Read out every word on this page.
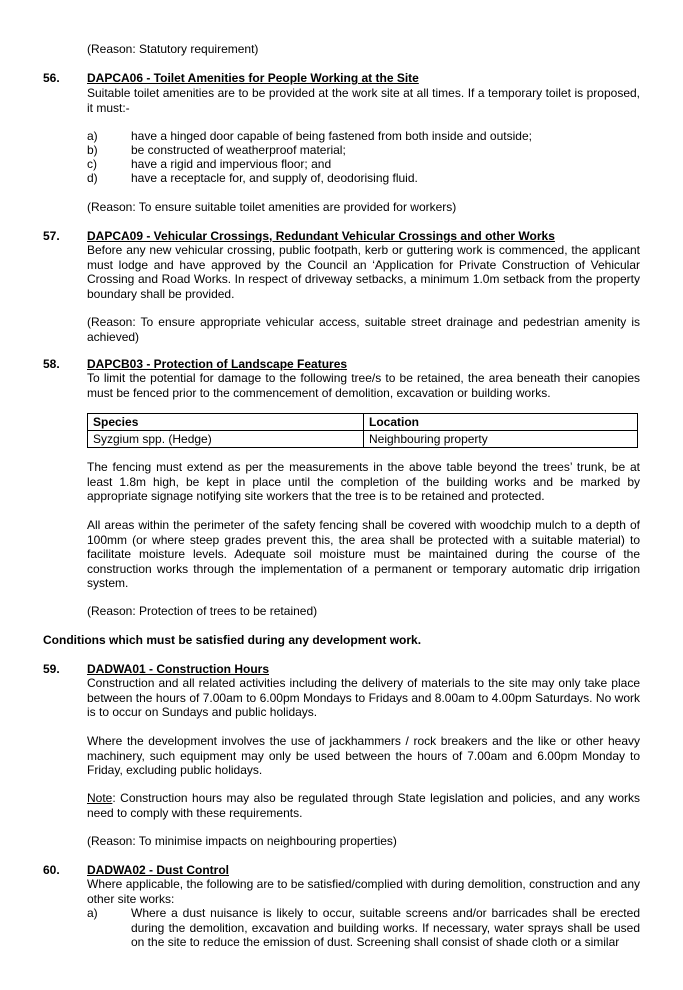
(Reason: Statutory requirement)
56. DAPCA06 - Toilet Amenities for People Working at the Site

Suitable toilet amenities are to be provided at the work site at all times. If a temporary toilet is proposed, it must:-

a)	have a hinged door capable of being fastened from both inside and outside;
b)	be constructed of weatherproof material;
c)	have a rigid and impervious floor; and
d)	have a receptacle for, and supply of, deodorising fluid.
(Reason: To ensure suitable toilet amenities are provided for workers)
57. DAPCA09 - Vehicular Crossings, Redundant Vehicular Crossings and other Works

Before any new vehicular crossing, public footpath, kerb or guttering work is commenced, the applicant must lodge and have approved by the Council an ‘Application for Private Construction of Vehicular Crossing and Road Works. In respect of driveway setbacks, a minimum 1.0m setback from the property boundary shall be provided.

(Reason: To ensure appropriate vehicular access, suitable street drainage and pedestrian amenity is achieved)

58. DAPCB03 - Protection of Landscape Features

To limit the potential for damage to the following tree/s to be retained, the area beneath their canopies must be fenced prior to the commencement of demolition, excavation or building works.

Species	Location
Syzgium spp. (Hedge)	Neighbouring property

The fencing must extend as per the measurements in the above table beyond the trees’ trunk, be at least 1.8m high, be kept in place until the completion of the building works and be marked by appropriate signage notifying site workers that the tree is to be retained and protected.

All areas within the perimeter of the safety fencing shall be covered with woodchip mulch to a depth of 100mm (or where steep grades prevent this, the area shall be protected with a suitable material) to facilitate moisture levels. Adequate soil moisture must be maintained during the course of the construction works through the implementation of a permanent or temporary automatic drip irrigation system.

(Reason: Protection of trees to be retained)
Conditions which must be satisfied during any development work.
59. DADWA01 - Construction Hours

Construction and all related activities including the delivery of materials to the site may only take place between the hours of 7.00am to 6.00pm Mondays to Fridays and 8.00am to 4.00pm Saturdays. No work is to occur on Sundays and public holidays.

Where the development involves the use of jackhammers / rock breakers and the like or other heavy machinery, such equipment may only be used between the hours of 7.00am and 6.00pm Monday to Friday, excluding public holidays.

Note: Construction hours may also be regulated through State legislation and policies, and any works need to comply with these requirements.

(Reason: To minimise impacts on neighbouring properties)
60. DADWA02 - Dust Control

Where applicable, the following are to be satisfied/complied with during demolition, construction and any other site works:

a)	Where a dust nuisance is likely to occur, suitable screens and/or barricades shall be erected during the demolition, excavation and building works. If necessary, water sprays shall be used on the site to reduce the emission of dust. Screening shall consist of shade cloth or a similar
